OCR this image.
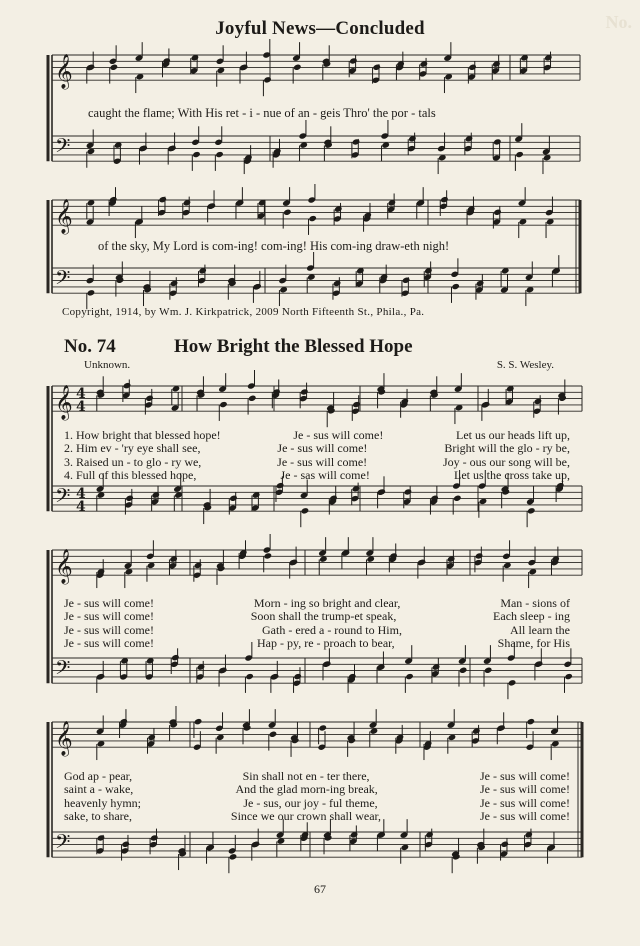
No.
Joyful News—Concluded
𝄞
𝄢
𝄞
𝄢
𝄞
𝄢
𝄞
𝄢
𝄞
𝄢
4
4
4
4
caught the flame; With His ret - i - nue of an - geis Thro' the por - tals
of the sky, My Lord is com-ing! com-ing! His com-ing draw-eth nigh!
Copyright, 1914, by Wm. J. Kirkpatrick, 2009 North Fifteenth St., Phila., Pa.
No. 74	How Bright the Blessed Hope
Unknown.	S. S. Wesley.
1. How bright that blessed hope!	Je - sus will come!	Let us our heads lift up,
2. Him ev - 'ry eye shall see,	Je - sus will come!	Bright will the glo - ry be,
3. Raised un - to glo - ry we,	Je - sus will come!	Joy - ous our song will be,
4. Full of this blessed hope,	Je - sas will come!	Let us the cross take up,
Je - sus will come!	Morn - ing so bright and clear,	Man - sions of
Je - sus will come!	Soon shall the trump-et speak,	Each sleep - ing
Je - sus will come!	Gath - ered a - round to Him,	All learn the
Je - sus will come!	Hap - py, re - proach to bear,	Shame, for His
God ap - pear,	Sin shall not en - ter there,	Je - sus will come!
saint a - wake,	And the glad morn-ing break,	Je - sus will come!
heavenly hymn;	Je - sus, our joy - ful theme,	Je - sus will come!
sake, to share,	Since we our crown shall wear,	Je - sus will come!
67
